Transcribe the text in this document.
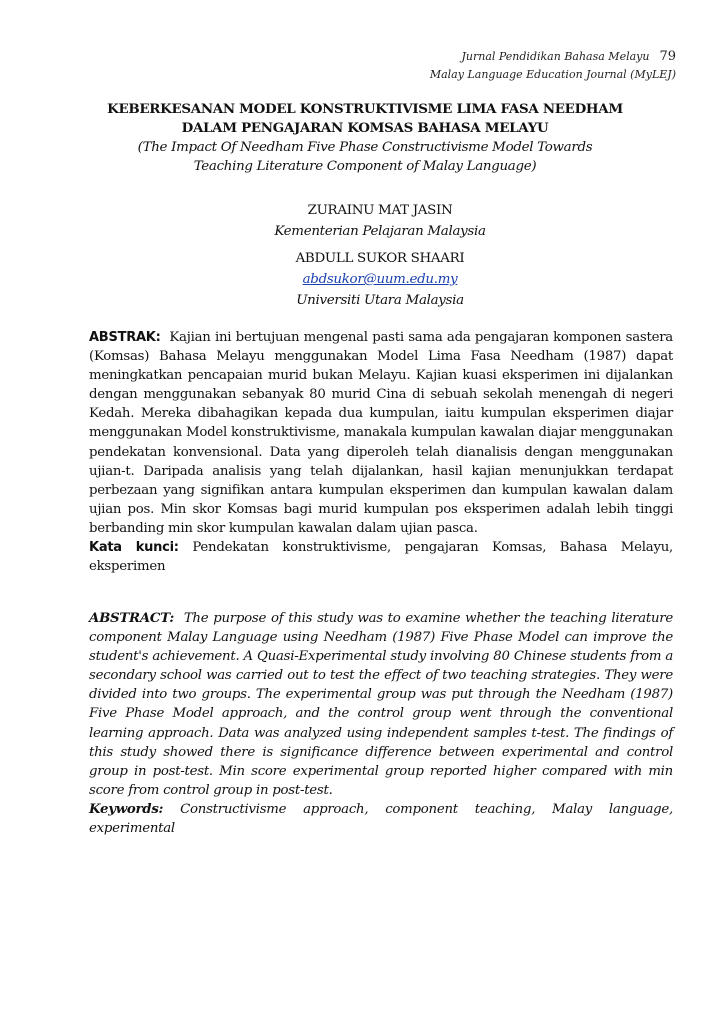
Jurnal Pendidikan Bahasa Melayu 79
Malay Language Education Journal (MyLEJ)
KEBERKESANAN MODEL KONSTRUKTIVISME LIMA FASA NEEDHAM
DALAM PENGAJARAN KOMSAS BAHASA MELAYU
(The Impact Of Needham Five Phase Constructivisme Model Towards
Teaching Literature Component of Malay Language)
ZURAINU MAT JASIN
Kementerian Pelajaran Malaysia
ABDULL SUKOR SHAARI
abdsukor@uum.edu.my
Universiti Utara Malaysia

ABSTRAK: Kajian ini bertujuan mengenal pasti sama ada pengajaran komponen sastera (Komsas) Bahasa Melayu menggunakan Model Lima Fasa Needham (1987) dapat meningkatkan pencapaian murid bukan Melayu. Kajian kuasi eksperimen ini dijalankan dengan menggunakan sebanyak 80 murid Cina di sebuah sekolah menengah di negeri Kedah. Mereka dibahagikan kepada dua kumpulan, iaitu kumpulan eksperimen diajar menggunakan Model konstruktivisme, manakala kumpulan kawalan diajar menggunakan pendekatan konvensional. Data yang diperoleh telah dianalisis dengan menggunakan ujian-t. Daripada analisis yang telah dijalankan, hasil kajian menunjukkan terdapat perbezaan yang signifikan antara kumpulan eksperimen dan kumpulan kawalan dalam ujian pos. Min skor Komsas bagi murid kumpulan pos eksperimen adalah lebih tinggi berbanding min skor kumpulan kawalan dalam ujian pasca.

Kata kunci: Pendekatan konstruktivisme, pengajaran Komsas, Bahasa Melayu, eksperimen

ABSTRACT: The purpose of this study was to examine whether the teaching literature component Malay Language using Needham (1987) Five Phase Model can improve the student's achievement. A Quasi-Experimental study involving 80 Chinese students from a secondary school was carried out to test the effect of two teaching strategies. They were divided into two groups. The experimental group was put through the Needham (1987) Five Phase Model approach, and the control group went through the conventional learning approach. Data was analyzed using independent samples t-test. The findings of this study showed there is significance difference between experimental and control group in post-test. Min score experimental group reported higher compared with min score from control group in post-test.

Keywords: Constructivisme approach, component teaching, Malay language, experimental
